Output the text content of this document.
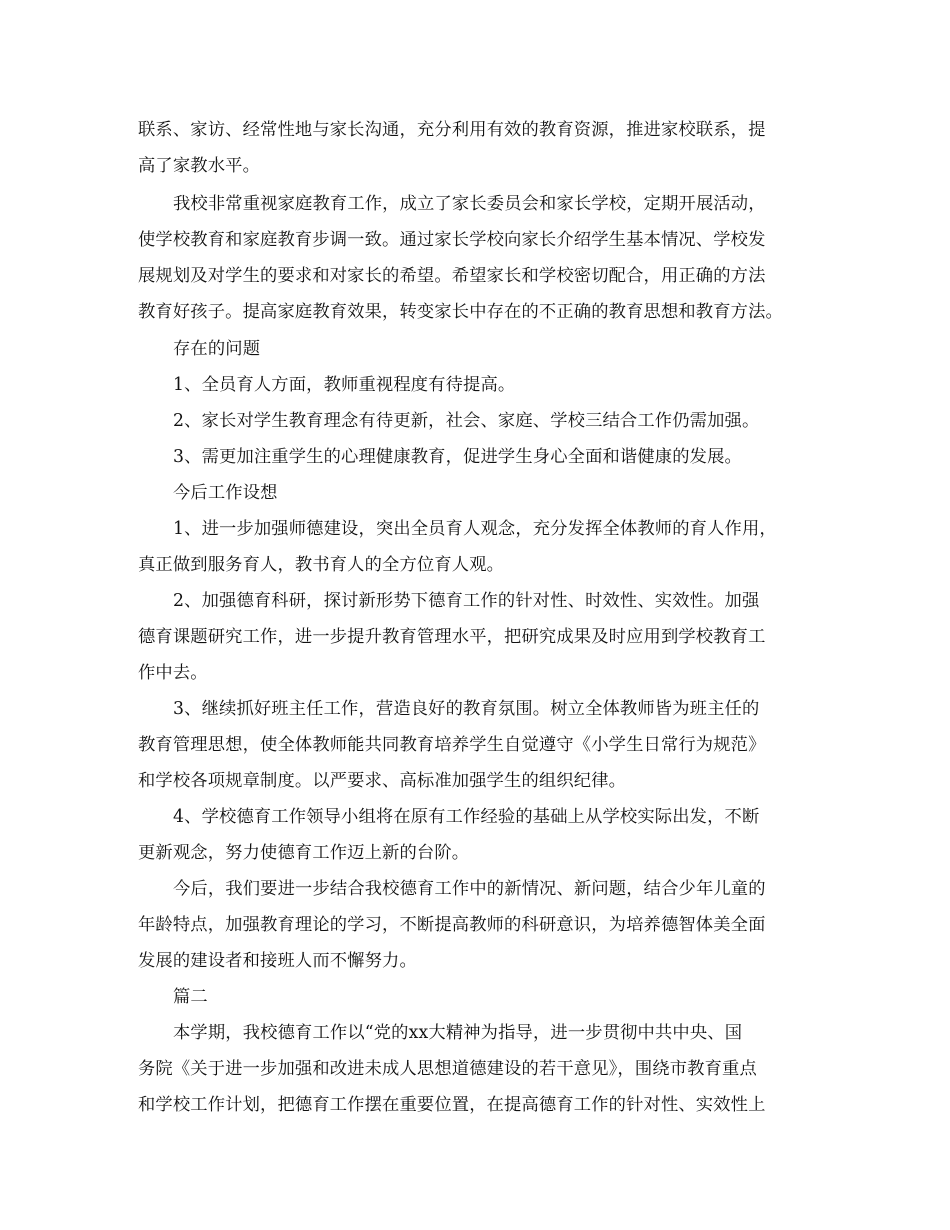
联系、家访、经常性地与家长沟通，充分利用有效的教育资源，推进家校联系，提
高了家教水平。
我校非常重视家庭教育工作，成立了家长委员会和家长学校，定期开展活动，
使学校教育和家庭教育步调一致。通过家长学校向家长介绍学生基本情况、学校发
展规划及对学生的要求和对家长的希望。希望家长和学校密切配合，用正确的方法
教育好孩子。提高家庭教育效果，转变家长中存在的不正确的教育思想和教育方法。
存在的问题
1、全员育人方面，教师重视程度有待提高。
2、家长对学生教育理念有待更新，社会、家庭、学校三结合工作仍需加强。
3、需更加注重学生的心理健康教育，促进学生身心全面和谐健康的发展。
今后工作设想
1、进一步加强师德建设，突出全员育人观念，充分发挥全体教师的育人作用，
真正做到服务育人，教书育人的全方位育人观。
2、加强德育科研，探讨新形势下德育工作的针对性、时效性、实效性。加强
德育课题研究工作，进一步提升教育管理水平，把研究成果及时应用到学校教育工
作中去。
3、继续抓好班主任工作，营造良好的教育氛围。树立全体教师皆为班主任的
教育管理思想，使全体教师能共同教育培养学生自觉遵守《小学生日常行为规范》
和学校各项规章制度。以严要求、高标准加强学生的组织纪律。
4、学校德育工作领导小组将在原有工作经验的基础上从学校实际出发，不断
更新观念，努力使德育工作迈上新的台阶。
今后，我们要进一步结合我校德育工作中的新情况、新问题，结合少年儿童的
年龄特点，加强教育理论的学习，不断提高教师的科研意识，为培养德智体美全面
发展的建设者和接班人而不懈努力。
篇二
本学期，我校德育工作以“党的xx大精神为指导，进一步贯彻中共中央、国
务院《关于进一步加强和改进未成人思想道德建设的若干意见》，围绕市教育重点
和学校工作计划，把德育工作摆在重要位置，在提高德育工作的针对性、实效性上
